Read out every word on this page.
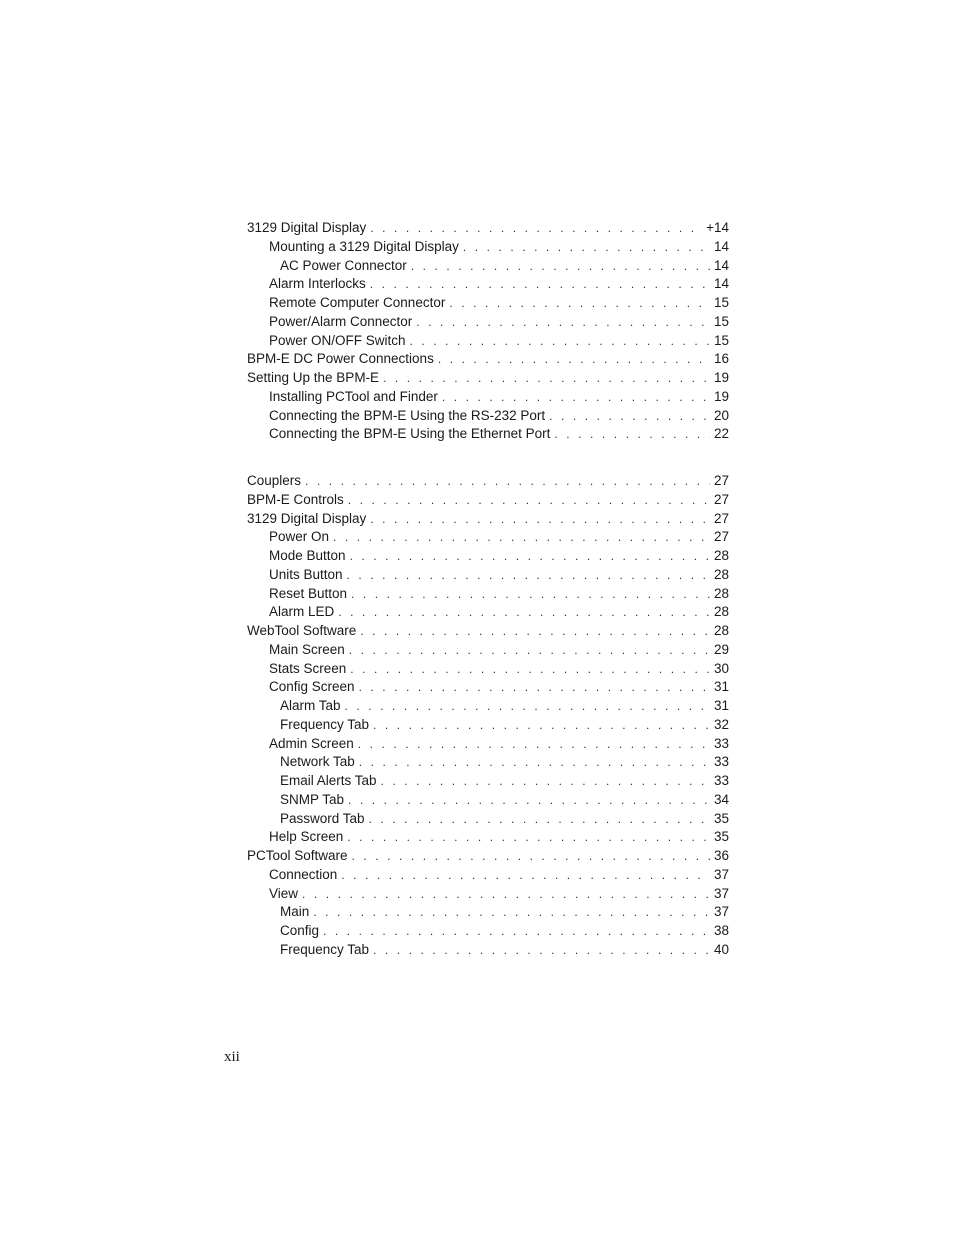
3129 Digital Display . . .	+14
Mounting a 3129 Digital Display . . .	14
AC Power Connector . . .	14
Alarm Interlocks . . .	14
Remote Computer Connector . . .	15
Power/Alarm Connector . . .	15
Power ON/OFF Switch . . .	15
BPM-E DC Power Connections . . .	16
Setting Up the BPM-E . . .	19
Installing PCTool and Finder . . .	19
Connecting the BPM-E Using the RS-232 Port . . .	20
Connecting the BPM-E Using the Ethernet Port . . .	22
Couplers . . .	27
BPM-E Controls . . .	27
3129 Digital Display . . .	27
Power On . . .	27
Mode Button . . .	28
Units Button . . .	28
Reset Button . . .	28
Alarm LED . . .	28
WebTool Software . . .	28
Main Screen . . .	29
Stats Screen . . .	30
Config Screen . . .	31
Alarm Tab . . .	31
Frequency Tab . . .	32
Admin Screen . . .	33
Network Tab . . .	33
Email Alerts Tab . . .	33
SNMP Tab . . .	34
Password Tab . . .	35
Help Screen . . .	35
PCTool Software . . .	36
Connection . . .	37
View . . .	37
Main . . .	37
Config . . .	38
Frequency Tab . . .	40
xii
